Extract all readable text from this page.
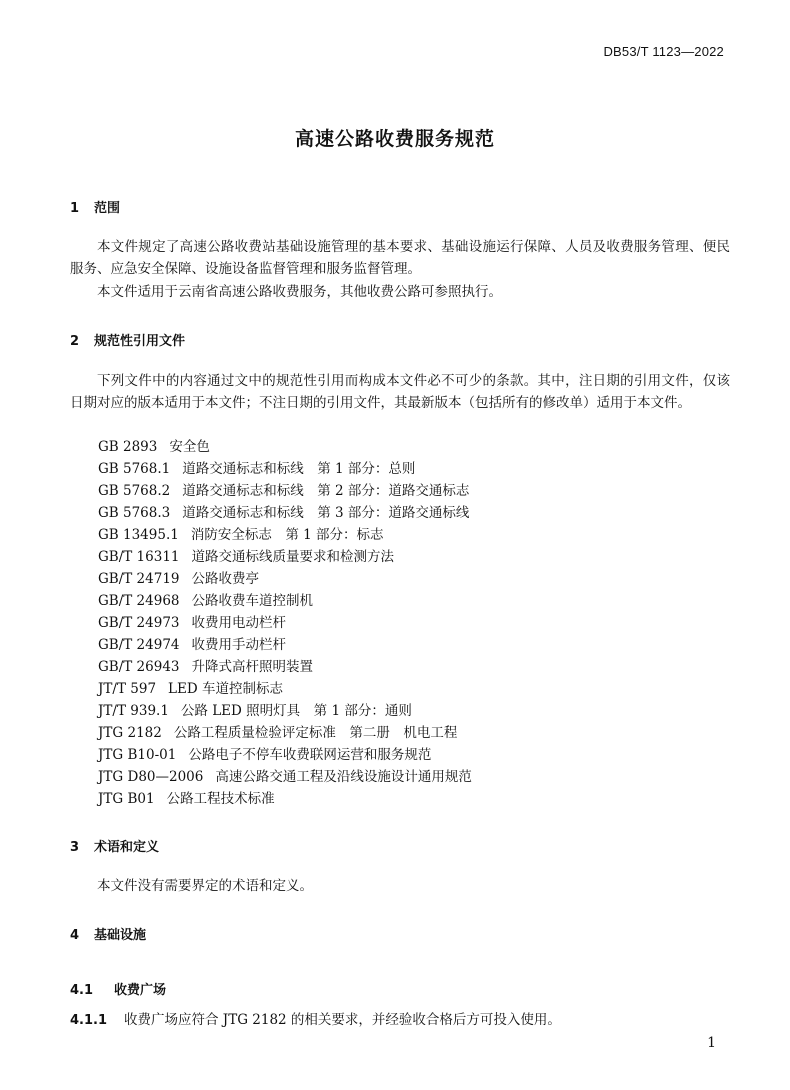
DB53/T 1123—2022
高速公路收费服务规范
1 范围

本文件规定了高速公路收费站基础设施管理的基本要求、基础设施运行保障、人员及收费服务管理、便民服务、应急安全保障、设施设备监督管理和服务监督管理。

本文件适用于云南省高速公路收费服务，其他收费公路可参照执行。

2 规范性引用文件

下列文件中的内容通过文中的规范性引用而构成本文件必不可少的条款。其中，注日期的引用文件，仅该日期对应的版本适用于本文件；不注日期的引用文件，其最新版本（包括所有的修改单）适用于本文件。

GB 2893 安全色
GB 5768.1 道路交通标志和标线　第 1 部分：总则
GB 5768.2 道路交通标志和标线　第 2 部分：道路交通标志
GB 5768.3 道路交通标志和标线　第 3 部分：道路交通标线
GB 13495.1 消防安全标志　第 1 部分：标志
GB/T 16311 道路交通标线质量要求和检测方法
GB/T 24719 公路收费亭
GB/T 24968 公路收费车道控制机
GB/T 24973 收费用电动栏杆
GB/T 24974 收费用手动栏杆
GB/T 26943 升降式高杆照明装置
JT/T 597 LED 车道控制标志
JT/T 939.1 公路 LED 照明灯具　第 1 部分：通则
JTG 2182 公路工程质量检验评定标准　第二册　机电工程
JTG B10-01 公路电子不停车收费联网运营和服务规范
JTG D80—2006 高速公路交通工程及沿线设施设计通用规范
JTG B01 公路工程技术标准
3 术语和定义

本文件没有需要界定的术语和定义。

4 基础设施
4.1 收费广场

4.1.1 收费广场应符合 JTG 2182 的相关要求，并经验收合格后方可投入使用。

1
